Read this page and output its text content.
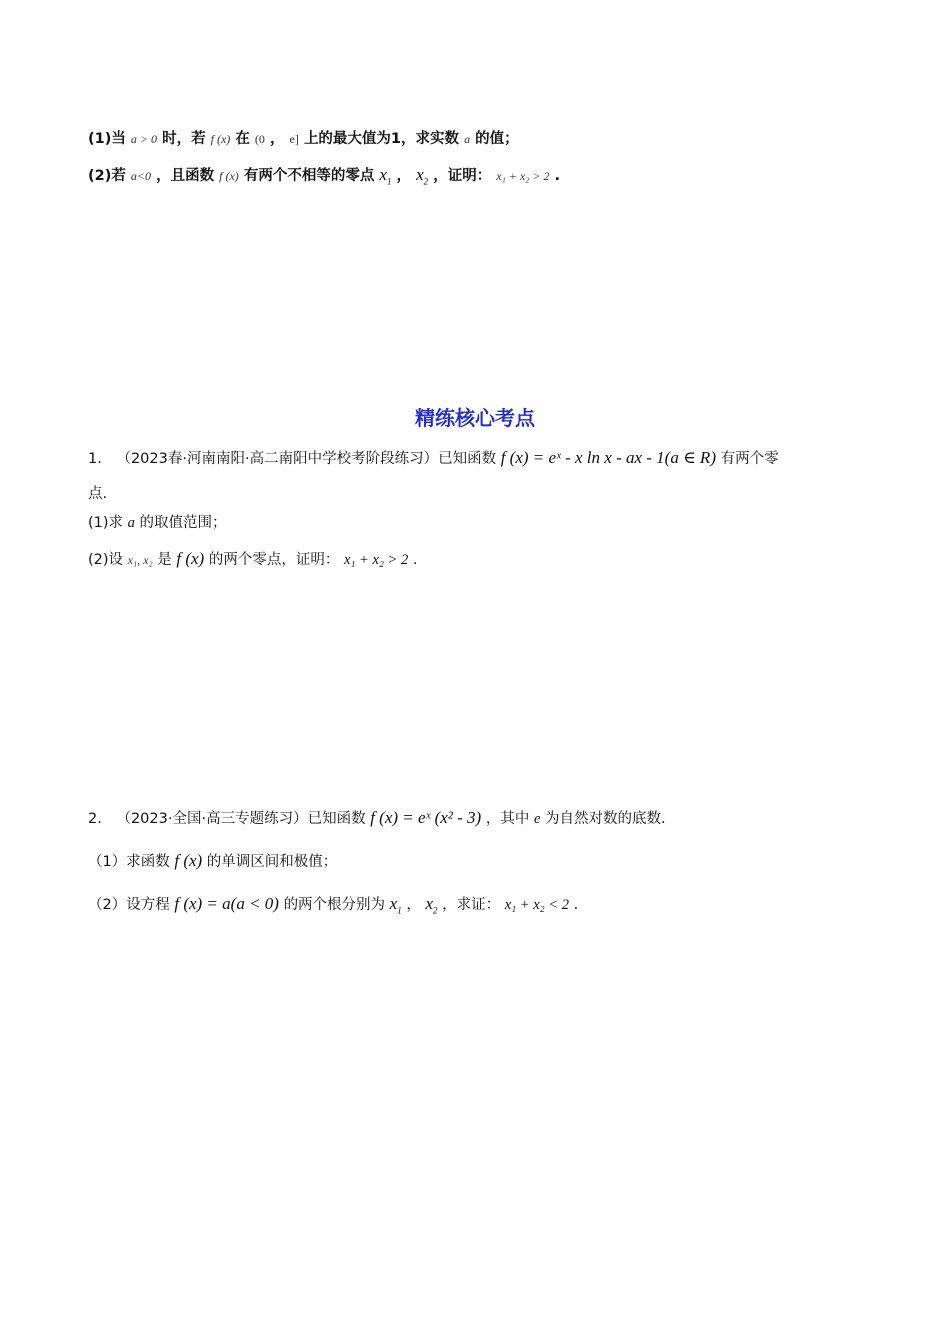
(1)当 a > 0 时，若 f (x) 在 (0 ， e] 上的最大值为1，求实数 a 的值；
(2)若 a<0 ，且函数 f (x) 有两个不相等的零点 $x_1$ ， $x_2$ ，证明： x₁ + x₂ > 2 .
精练核心考点
1. （2023春·河南南阳·高二南阳中学校考阶段练习）已知函数 f (x) = eˣ - x ln x - ax - 1(a ∈ R) 有两个零
点.
(1)求 a 的取值范围；
(2)设 x₁, x₂ 是 f (x) 的两个零点，证明： x₁ + x₂ > 2 .
2. （2023·全国·高三专题练习）已知函数 f (x) = eˣ (x² - 3) ，其中 e 为自然对数的底数.
（1）求函数 f (x) 的单调区间和极值；
（2）设方程 f (x) = a(a < 0) 的两个根分别为 $x_1$ ， $x_2$ ，求证： x₁ + x₂ < 2 .
